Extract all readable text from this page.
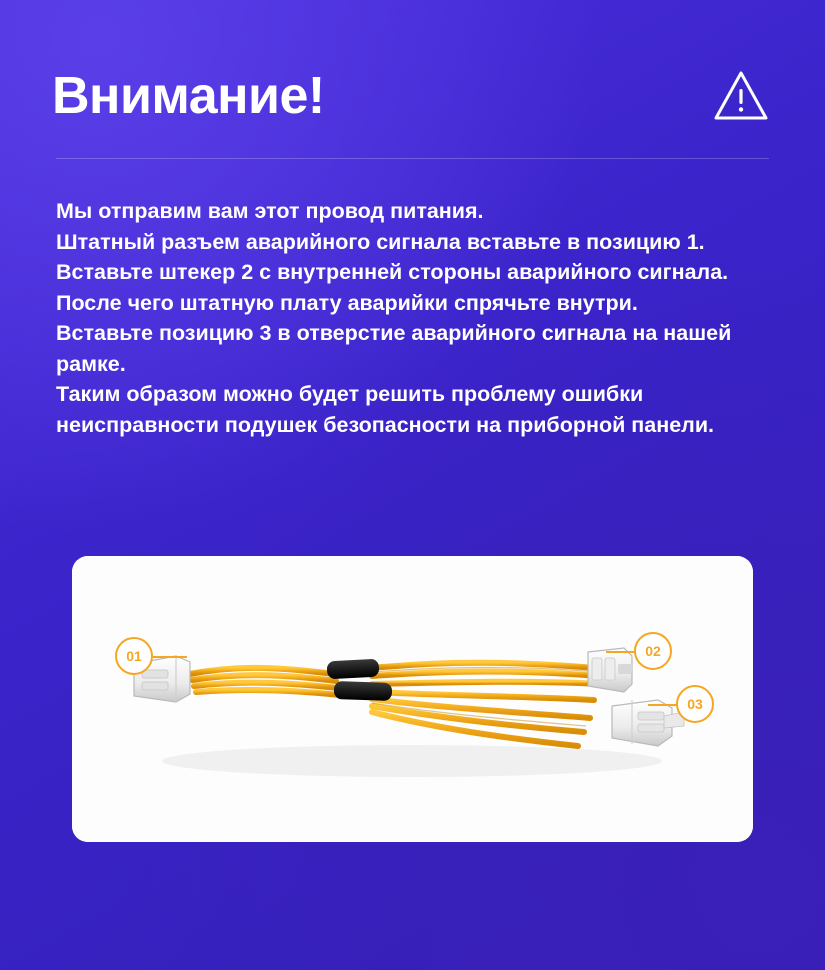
Внимание!

Мы отправим вам этот провод питания.

Штатный разъем аварийного сигнала вставьте в позицию 1.

Вставьте штекер 2 с внутренней стороны аварийного сигнала. После чего штатную плату аварийки спрячьте внутри.

Вставьте позицию 3 в отверстие аварийного сигнала на нашей рамке.

Таким образом можно будет решить проблему ошибки неисправности подушек безопасности на приборной панели.

01	02
03
